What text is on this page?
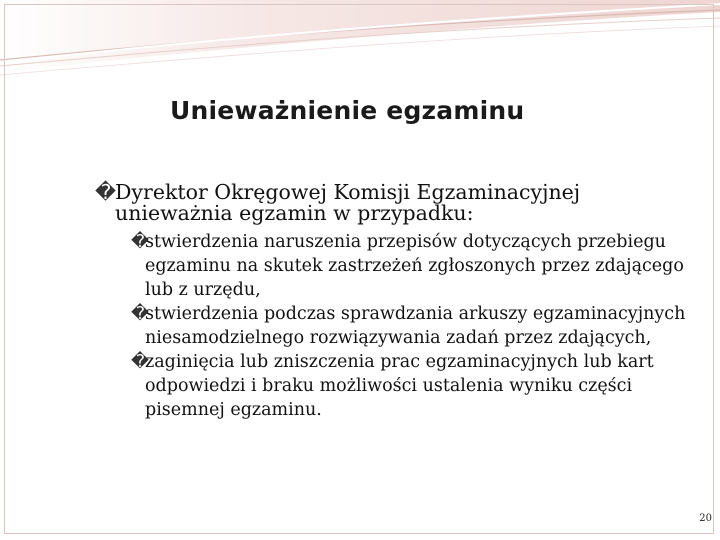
Unieważnienie egzaminu
�
Dyrektor Okręgowej Komisji Egzaminacyjnej unieważnia egzamin w przypadku:
�
stwierdzenia naruszenia przepisów dotyczących przebiegu egzaminu na skutek zastrzeżeń zgłoszonych przez zdającego lub z urzędu,
�
stwierdzenia podczas sprawdzania arkuszy egzaminacyjnych niesamodzielnego rozwiązywania zadań przez zdających,
�
zaginięcia lub zniszczenia prac egzaminacyjnych lub kart odpowiedzi i braku możliwości ustalenia wyniku części pisemnej egzaminu.
20
